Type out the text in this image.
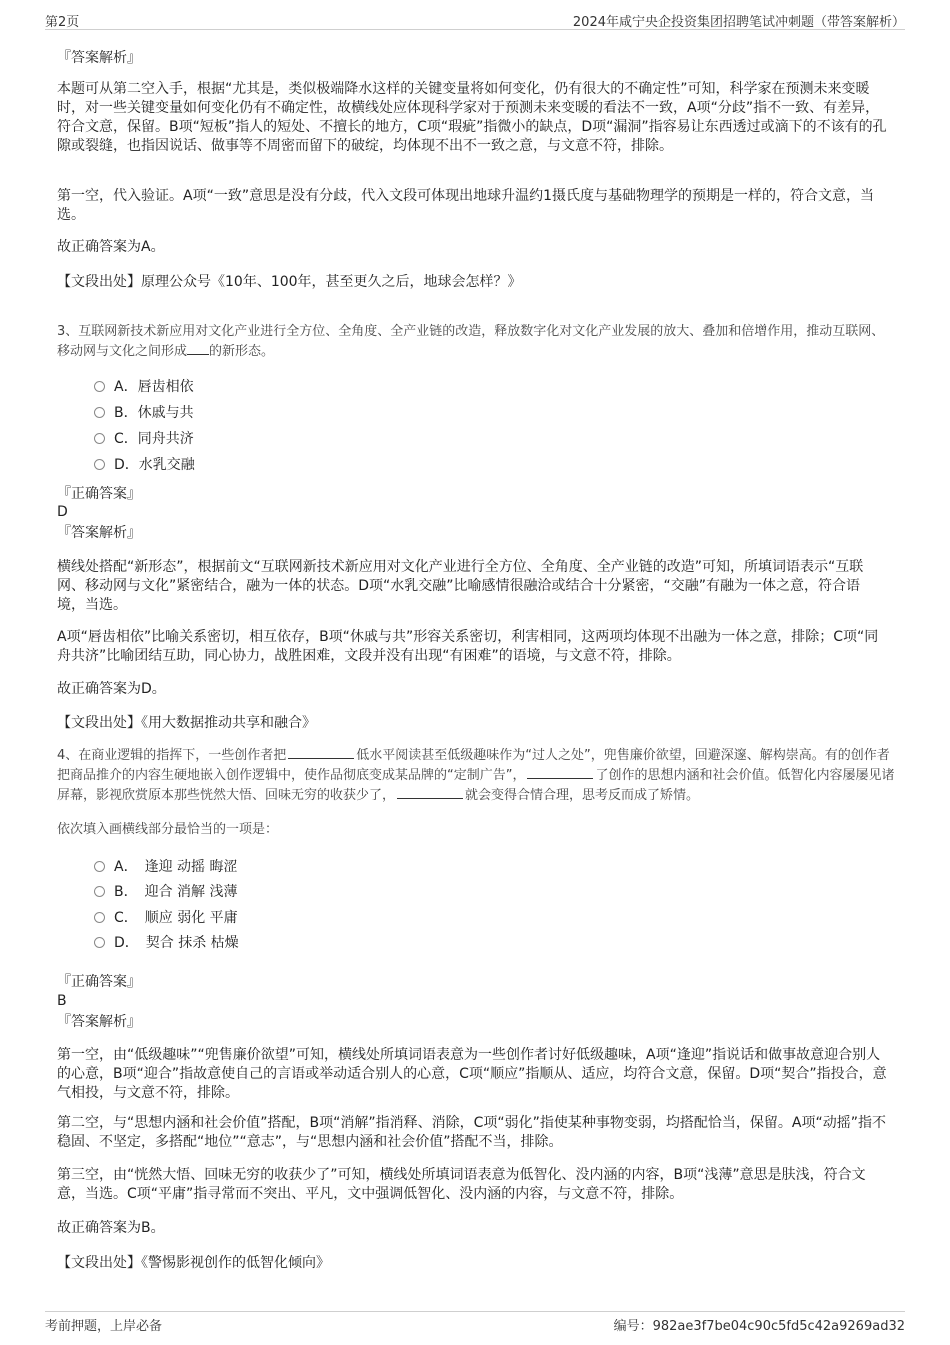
第2页	2024年咸宁央企投资集团招聘笔试冲刺题（带答案解析）
『答案解析』

本题可从第二空入手，根据“尤其是，类似极端降水这样的关键变量将如何变化，仍有很大的不确定性”可知，科学家在预测未来变暖时，对一些关键变量如何变化仍有不确定性，故横线处应体现科学家对于预测未来变暖的看法不一致，A项“分歧”指不一致、有差异，符合文意，保留。B项“短板”指人的短处、不擅长的地方，C项“瑕疵”指微小的缺点，D项“漏洞”指容易让东西透过或滴下的不该有的孔隙或裂缝，也指因说话、做事等不周密而留下的破绽，均体现不出不一致之意，与文意不符，排除。

第一空，代入验证。A项“一致”意思是没有分歧，代入文段可体现出地球升温约1摄氏度与基础物理学的预期是一样的，符合文意，当选。

故正确答案为A。

【文段出处】原理公众号《10年、100年，甚至更久之后，地球会怎样？》

3、互联网新技术新应用对文化产业进行全方位、全角度、全产业链的改造，释放数字化对文化产业发展的放大、叠加和倍增作用，推动互联网、移动网与文化之间形成 的新形态。

A．唇齿相依
B．休戚与共
C．同舟共济
D．水乳交融
『正确答案』
D
『答案解析』

横线处搭配“新形态”，根据前文“互联网新技术新应用对文化产业进行全方位、全角度、全产业链的改造”可知，所填词语表示“互联网、移动网与文化”紧密结合，融为一体的状态。D项“水乳交融”比喻感情很融洽或结合十分紧密，“交融”有融为一体之意，符合语境，当选。

A项“唇齿相依”比喻关系密切，相互依存，B项“休戚与共”形容关系密切，利害相同，这两项均体现不出融为一体之意，排除；C项“同舟共济”比喻团结互助，同心协力，战胜困难，文段并没有出现“有困难”的语境，与文意不符，排除。

故正确答案为D。

【文段出处】《用大数据推动共享和融合》

4、在商业逻辑的指挥下，一些创作者把	低水平阅读甚至低级趣味作为“过人之处”，兜售廉价欲望，回避深邃、解构崇高。有的创作者把商品推介的内容生硬地嵌入创作逻辑中，使作品彻底变成某品牌的“定制广告”，	了创作的思想内涵和社会价值。低智化内容屡屡见诸屏幕，影视欣赏原本那些恍然大悟、回味无穷的收获少了，	就会变得合情合理，思考反而成了矫情。

依次填入画横线部分最恰当的一项是：

A．　逢迎 动摇 晦涩
B．　迎合 消解 浅薄
C．　顺应 弱化 平庸
D．　契合 抹杀 枯燥
『正确答案』
B
『答案解析』

第一空，由“低级趣味”“兜售廉价欲望”可知，横线处所填词语表意为一些创作者讨好低级趣味，A项“逢迎”指说话和做事故意迎合别人的心意，B项“迎合”指故意使自己的言语或举动适合别人的心意，C项“顺应”指顺从、适应，均符合文意，保留。D项“契合”指投合，意气相投，与文意不符，排除。

第二空，与“思想内涵和社会价值”搭配，B项“消解”指消释、消除，C项“弱化”指使某种事物变弱，均搭配恰当，保留。A项“动摇”指不稳固、不坚定，多搭配“地位”“意志”，与“思想内涵和社会价值”搭配不当，排除。

第三空，由“恍然大悟、回味无穷的收获少了”可知，横线处所填词语表意为低智化、没内涵的内容，B项“浅薄”意思是肤浅，符合文意，当选。C项“平庸”指寻常而不突出、平凡，文中强调低智化、没内涵的内容，与文意不符，排除。

故正确答案为B。

【文段出处】《警惕影视创作的低智化倾向》

考前押题，上岸必备	编号：982ae3f7be04c90c5fd5c42a9269ad32
